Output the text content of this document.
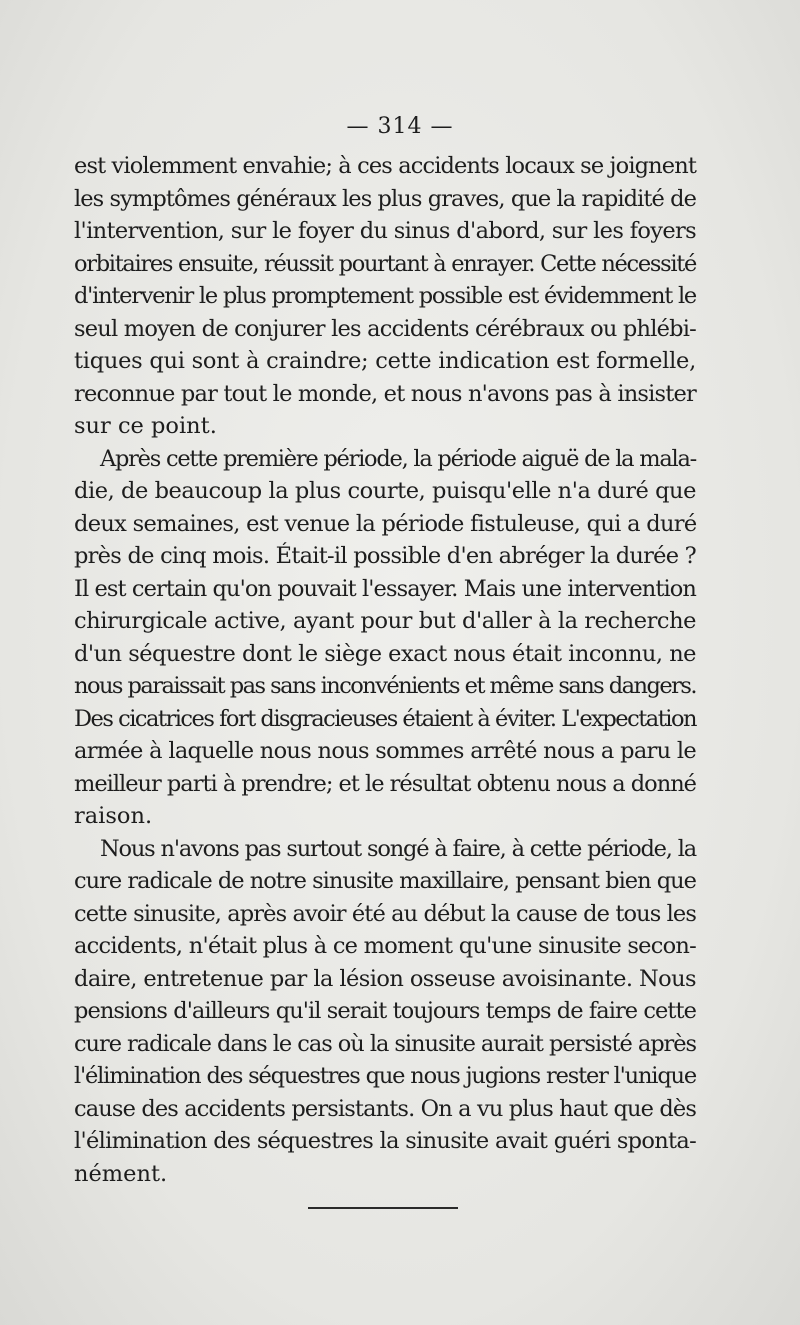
— 314 —
est violemment envahie; à ces accidents locaux se joignent
les symptômes généraux les plus graves, que la rapidité de
l'intervention, sur le foyer du sinus d'abord, sur les foyers
orbitaires ensuite, réussit pourtant à enrayer. Cette nécessité
d'intervenir le plus promptement possible est évidemment le
seul moyen de conjurer les accidents cérébraux ou phlébi-
tiques qui sont à craindre; cette indication est formelle,
reconnue par tout le monde, et nous n'avons pas à insister
sur ce point.
Après cette première période, la période aiguë de la mala-
die, de beaucoup la plus courte, puisqu'elle n'a duré que
deux semaines, est venue la période fistuleuse, qui a duré
près de cinq mois. Était-il possible d'en abréger la durée ?
Il est certain qu'on pouvait l'essayer. Mais une intervention
chirurgicale active, ayant pour but d'aller à la recherche
d'un séquestre dont le siège exact nous était inconnu, ne
nous paraissait pas sans inconvénients et même sans dangers.
Des cicatrices fort disgracieuses étaient à éviter. L'expectation
armée à laquelle nous nous sommes arrêté nous a paru le
meilleur parti à prendre; et le résultat obtenu nous a donné
raison.
Nous n'avons pas surtout songé à faire, à cette période, la
cure radicale de notre sinusite maxillaire, pensant bien que
cette sinusite, après avoir été au début la cause de tous les
accidents, n'était plus à ce moment qu'une sinusite secon-
daire, entretenue par la lésion osseuse avoisinante. Nous
pensions d'ailleurs qu'il serait toujours temps de faire cette
cure radicale dans le cas où la sinusite aurait persisté après
l'élimination des séquestres que nous jugions rester l'unique
cause des accidents persistants. On a vu plus haut que dès
l'élimination des séquestres la sinusite avait guéri sponta-
nément.
